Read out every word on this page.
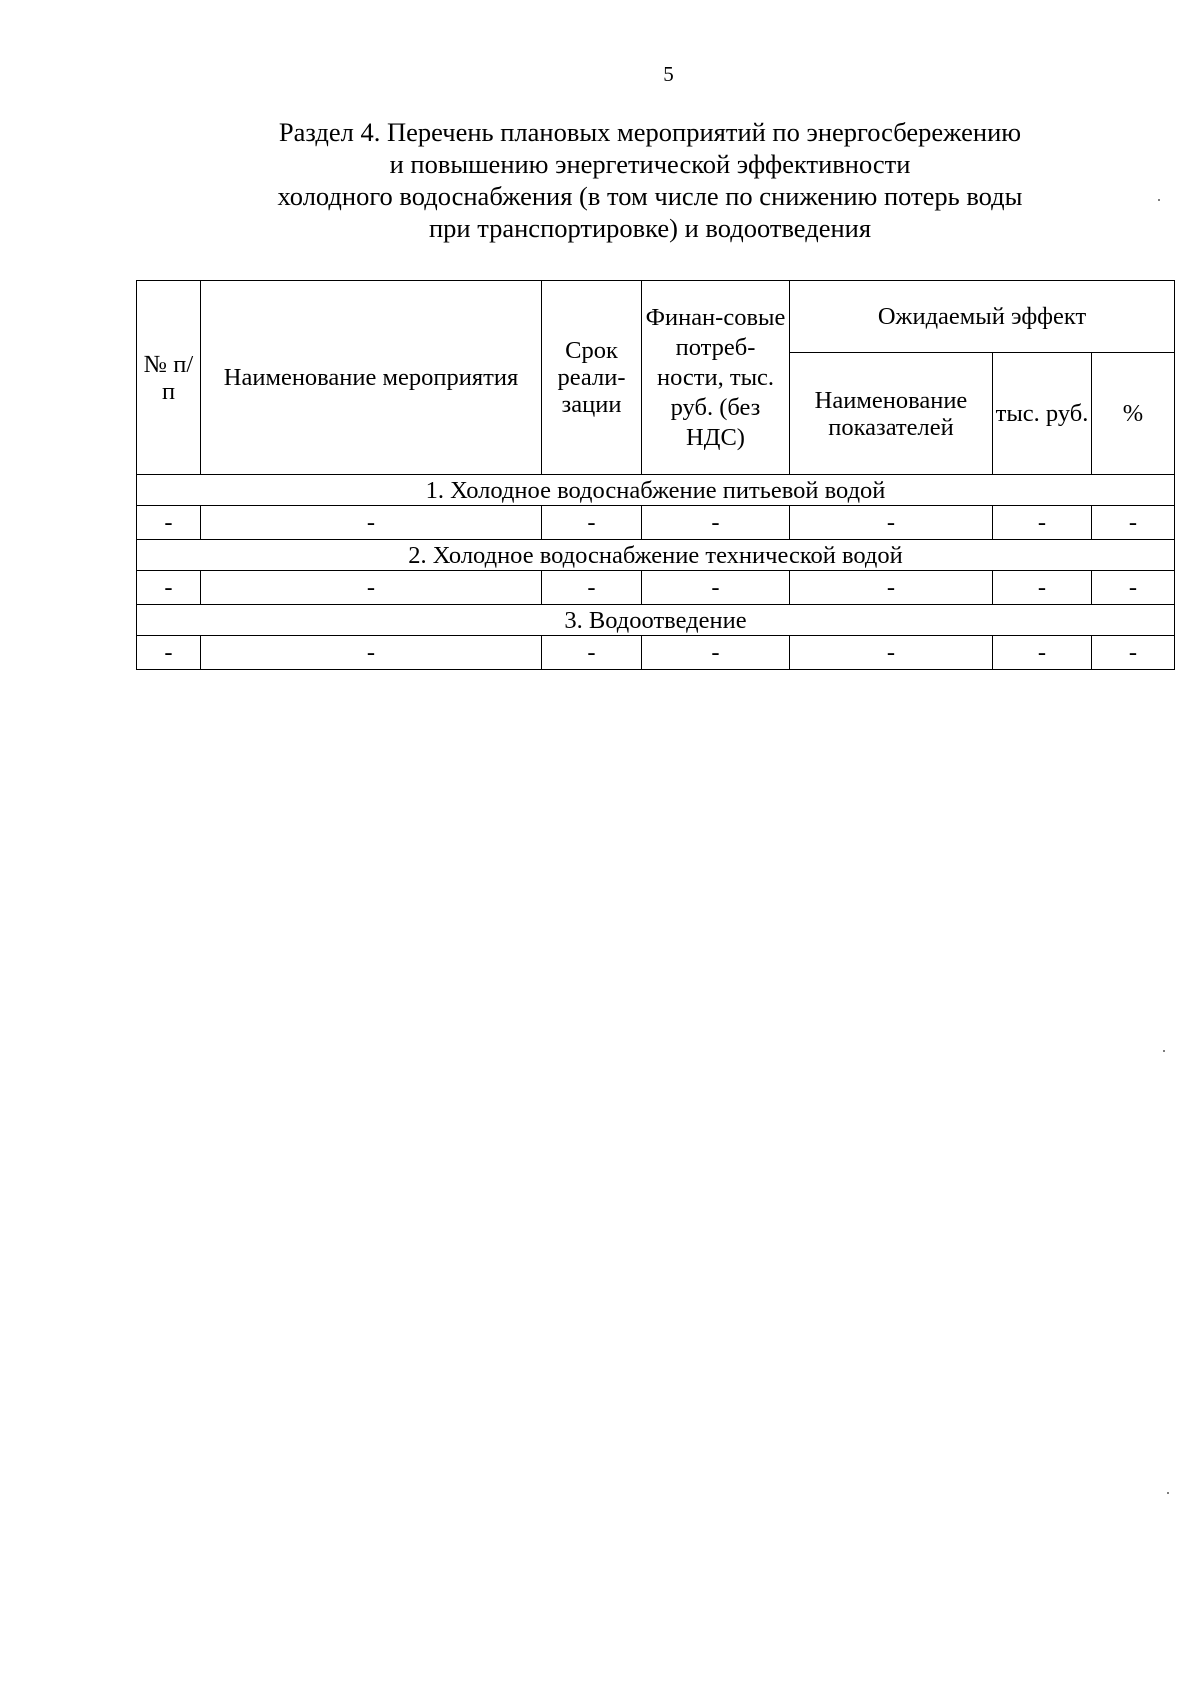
5
Раздел 4. Перечень плановых мероприятий по энергосбережению
и повышению энергетической эффективности
холодного водоснабжения (в том числе по снижению потерь воды
при транспортировке) и водоотведения
№ п/п	Наименование мероприятия	Срок реали-зации	Финан-совые потреб-ности, тыс. руб. (без НДС)	Ожидаемый эффект		
				Наименование показателей	тыс. руб.	%
1. Холодное водоснабжение питьевой водой						
-	-	-	-	-	-	-
2. Холодное водоснабжение технической водой						
-	-	-	-	-	-	-
3. Водоотведение						
-	-	-	-	-	-	-
